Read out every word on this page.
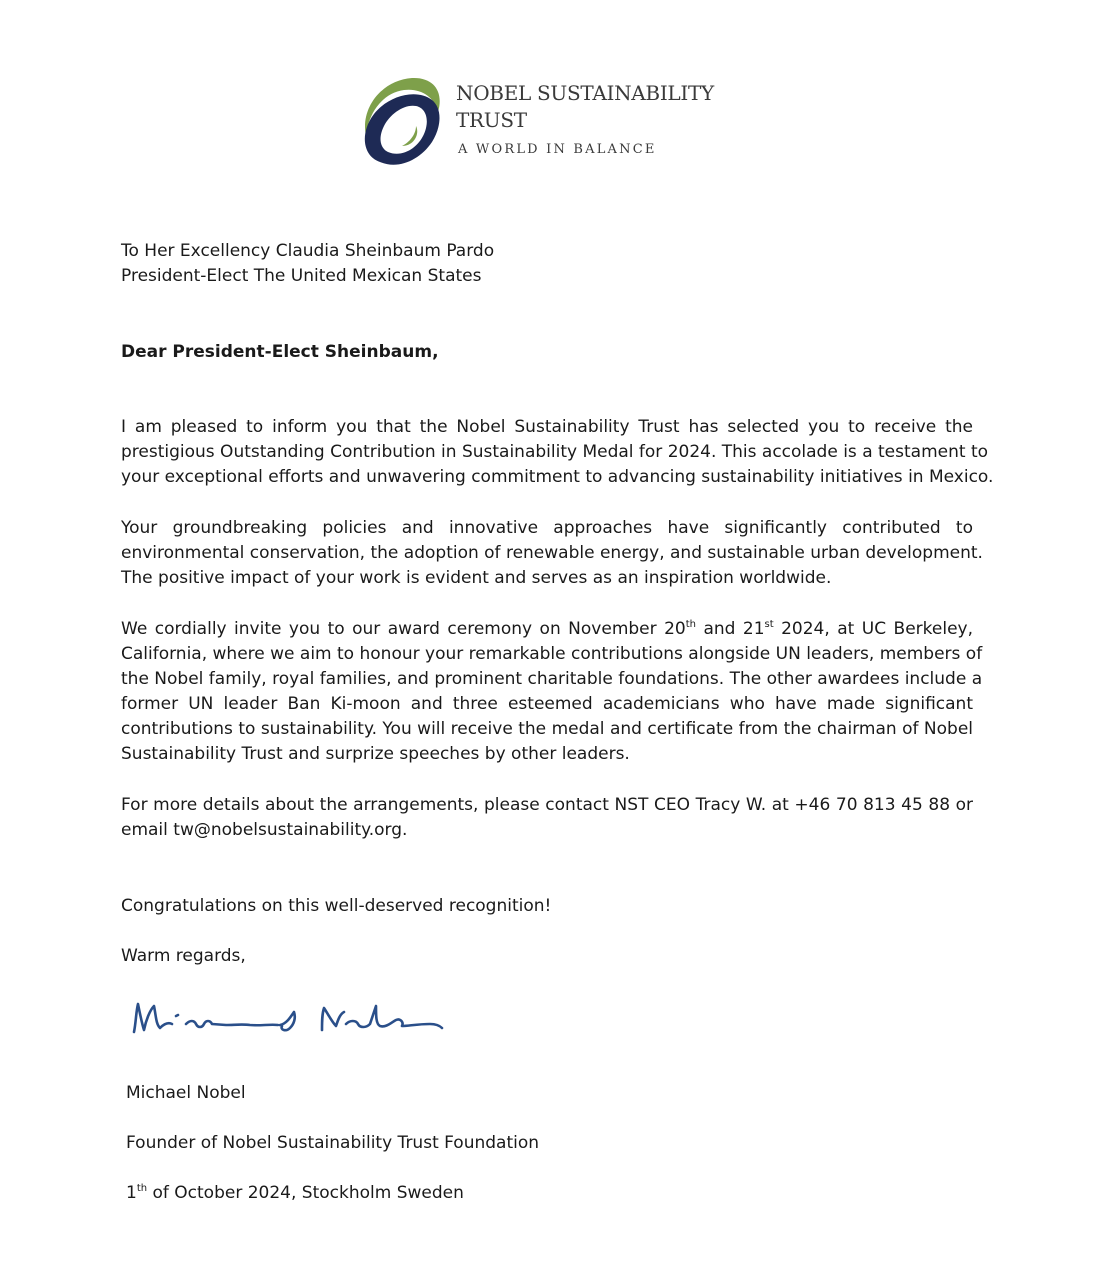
NOBEL SUSTAINABILITY
TRUST
A WORLD IN BALANCE
To Her Excellency Claudia Sheinbaum Pardo
President-Elect The United Mexican States
Dear President-Elect Sheinbaum,
I am pleased to inform you that the Nobel Sustainability Trust has selected you to receive the
prestigious Outstanding Contribution in Sustainability Medal for 2024. This accolade is a testament to
your exceptional efforts and unwavering commitment to advancing sustainability initiatives in Mexico.
Your groundbreaking policies and innovative approaches have significantly contributed to
environmental conservation, the adoption of renewable energy, and sustainable urban development.
The positive impact of your work is evident and serves as an inspiration worldwide.
We cordially invite you to our award ceremony on November 20th and 21st 2024, at UC Berkeley,
California, where we aim to honour your remarkable contributions alongside UN leaders, members of
the Nobel family, royal families, and prominent charitable foundations. The other awardees include a
former UN leader Ban Ki-moon and three esteemed academicians who have made significant
contributions to sustainability. You will receive the medal and certificate from the chairman of Nobel
Sustainability Trust and surprize speeches by other leaders.
For more details about the arrangements, please contact NST CEO Tracy W. at +46 70 813 45 88 or
email tw@nobelsustainability.org.
Congratulations on this well-deserved recognition!
Warm regards,
Michael Nobel
Founder of Nobel Sustainability Trust Foundation
1th of October 2024, Stockholm Sweden
